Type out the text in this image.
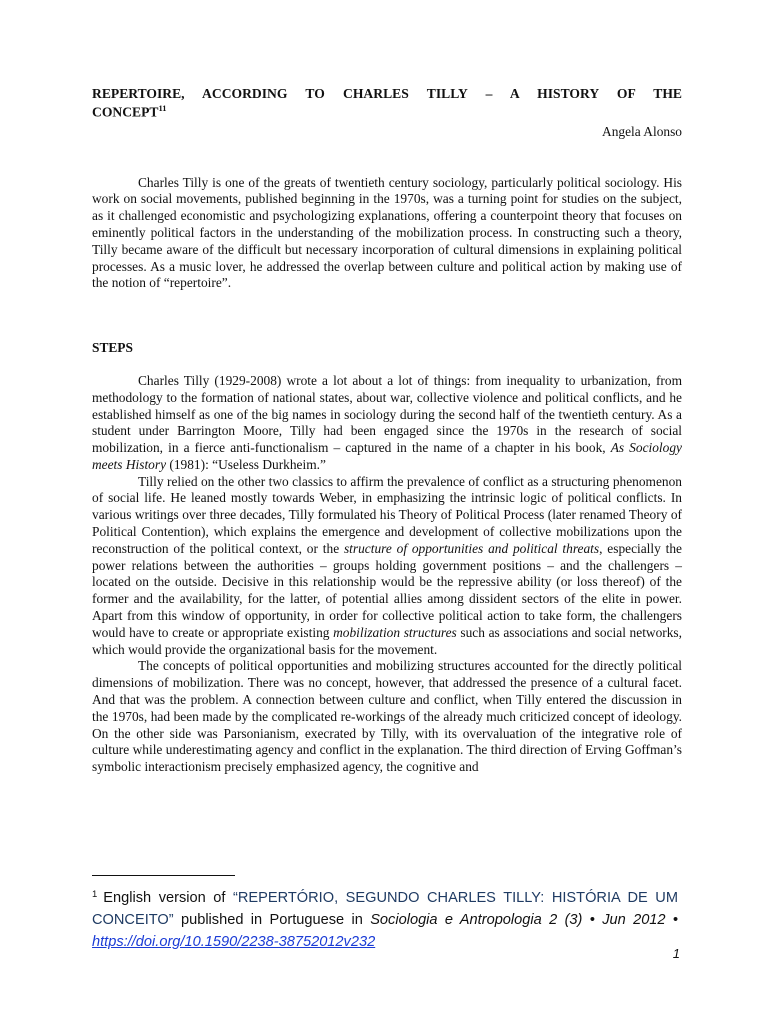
REPERTOIRE, ACCORDING TO CHARLES TILLY – A HISTORY OF THE
CONCEPT$^{11}$
Angela Alonso

Charles Tilly is one of the greats of twentieth century sociology, particularly political sociology. His work on social movements, published beginning in the 1970s, was a turning point for studies on the subject, as it challenged economistic and psychologizing explanations, offering a counterpoint theory that focuses on eminently political factors in the understanding of the mobilization process. In constructing such a theory, Tilly became aware of the difficult but necessary incorporation of cultural dimensions in explaining political processes. As a music lover, he addressed the overlap between culture and political action by making use of the notion of “repertoire”.

STEPS

Charles Tilly (1929-2008) wrote a lot about a lot of things: from inequality to urbanization, from methodology to the formation of national states, about war, collective violence and political conflicts, and he established himself as one of the big names in sociology during the second half of the twentieth century. As a student under Barrington Moore, Tilly had been engaged since the 1970s in the research of social mobilization, in a fierce anti-functionalism – captured in the name of a chapter in his book, As Sociology meets History (1981): “Useless Durkheim.”

Tilly relied on the other two classics to affirm the prevalence of conflict as a structuring phenomenon of social life. He leaned mostly towards Weber, in emphasizing the intrinsic logic of political conflicts. In various writings over three decades, Tilly formulated his Theory of Political Process (later renamed Theory of Political Contention), which explains the emergence and development of collective mobilizations upon the reconstruction of the political context, or the structure of opportunities and political threats, especially the power relations between the authorities – groups holding government positions – and the challengers – located on the outside. Decisive in this relationship would be the repressive ability (or loss thereof) of the former and the availability, for the latter, of potential allies among dissident sectors of the elite in power. Apart from this window of opportunity, in order for collective political action to take form, the challengers would have to create or appropriate existing mobilization structures such as associations and social networks, which would provide the organizational basis for the movement.

The concepts of political opportunities and mobilizing structures accounted for the directly political dimensions of mobilization. There was no concept, however, that addressed the presence of a cultural facet. And that was the problem. A connection between culture and conflict, when Tilly entered the discussion in the 1970s, had been made by the complicated re-workings of the already much criticized concept of ideology. On the other side was Parsonianism, execrated by Tilly, with its overvaluation of the integrative role of culture while underestimating agency and conflict in the explanation. The third direction of Erving Goffman’s symbolic interactionism precisely emphasized agency, the cognitive and

$^1$ English version of “REPERTÓRIO, SEGUNDO CHARLES TILLY: HISTÓRIA DE UM CONCEITO” published in Portuguese in Sociologia e Antropologia 2 (3) • Jun 2012 • https://doi.org/10.1590/2238-38752012v232
1
